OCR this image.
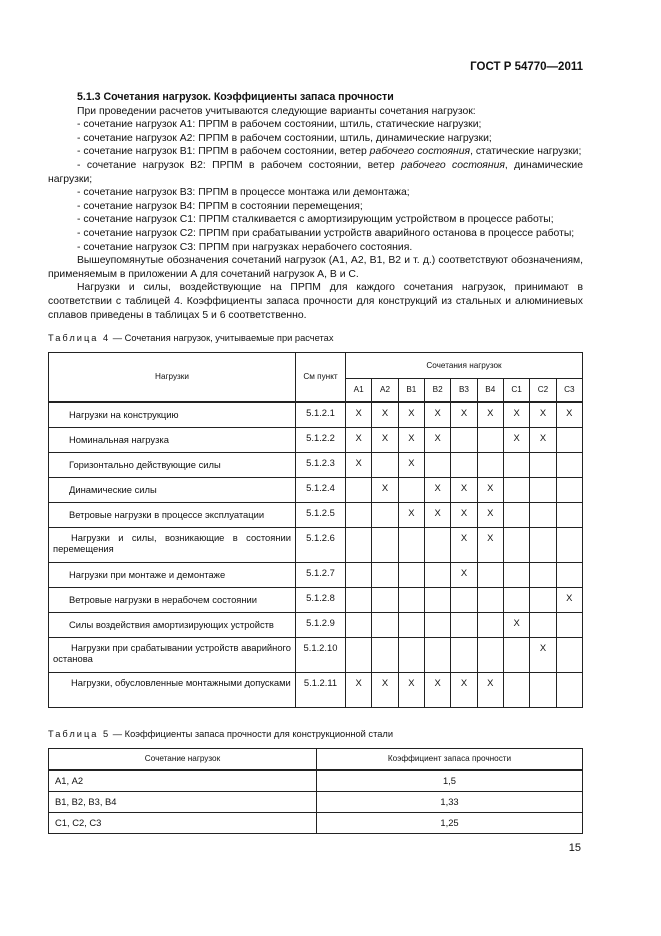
ГОСТ Р 54770—2011
5.1.3 Сочетания нагрузок. Коэффициенты запаса прочности

При проведении расчетов учитываются следующие варианты сочетания нагрузок:

- сочетание нагрузок А1: ПРПМ в рабочем состоянии, штиль, статические нагрузки;

- сочетание нагрузок А2: ПРПМ в рабочем состоянии, штиль, динамические нагрузки;

- сочетание нагрузок В1: ПРПМ в рабочем состоянии, ветер рабочего состояния, статические нагрузки;

- сочетание нагрузок В2: ПРПМ в рабочем состоянии, ветер рабочего состояния, динамические нагрузки;

- сочетание нагрузок В3: ПРПМ в процессе монтажа или демонтажа;

- сочетание нагрузок В4: ПРПМ в состоянии перемещения;

- сочетание нагрузок С1: ПРПМ сталкивается с амортизирующим устройством в процессе работы;

- сочетание нагрузок С2: ПРПМ при срабатывании устройств аварийного останова в процессе работы;

- сочетание нагрузок С3: ПРПМ при нагрузках нерабочего состояния.

Вышеупомянутые обозначения сочетаний нагрузок (А1, А2, В1, В2 и т. д.) соответствуют обозначениям, применяемым в приложении А для сочетаний нагрузок А, В и С.

Нагрузки и силы, воздействующие на ПРПМ для каждого сочетания нагрузок, принимают в соответствии с таблицей 4. Коэффициенты запаса прочности для конструкций из стальных и алюминиевых сплавов приведены в таблицах 5 и 6 соответственно.

Таблица 4 — Сочетания нагрузок, учитываемые при расчетах
Нагрузки	См пункт	Сочетания нагрузок								
		А1	А2	В1	В2	В3	В4	С1	С2	С3
Нагрузки на конструкцию	5.1.2.1	X	X	X	X	X	X	X	X	X
Номинальная нагрузка	5.1.2.2	X	X	X	X			X	X	
Горизонтально действующие силы	5.1.2.3	X		X						
Динамические силы	5.1.2.4		X		X	X	X			
Ветровые нагрузки в процессе эксплуатации	5.1.2.5			X	X	X	X			
Нагрузки и силы, возникающие в состоянии перемещения	5.1.2.6					X	X			
Нагрузки при монтаже и демонтаже	5.1.2.7					X				
Ветровые нагрузки в нерабочем состоянии	5.1.2.8									X
Силы воздействия амортизирующих устройств	5.1.2.9							X		
Нагрузки при срабатывании устройств аварийного останова	5.1.2.10								X	
Нагрузки, обусловленные монтажными допусками	5.1.2.11	X	X	X	X	X	X			
Таблица 5 — Коэффициенты запаса прочности для конструкционной стали
Сочетание нагрузок	Коэффициент запаса прочности
А1, А2	1,5
В1, В2, В3, В4	1,33
С1, С2, С3	1,25
15
